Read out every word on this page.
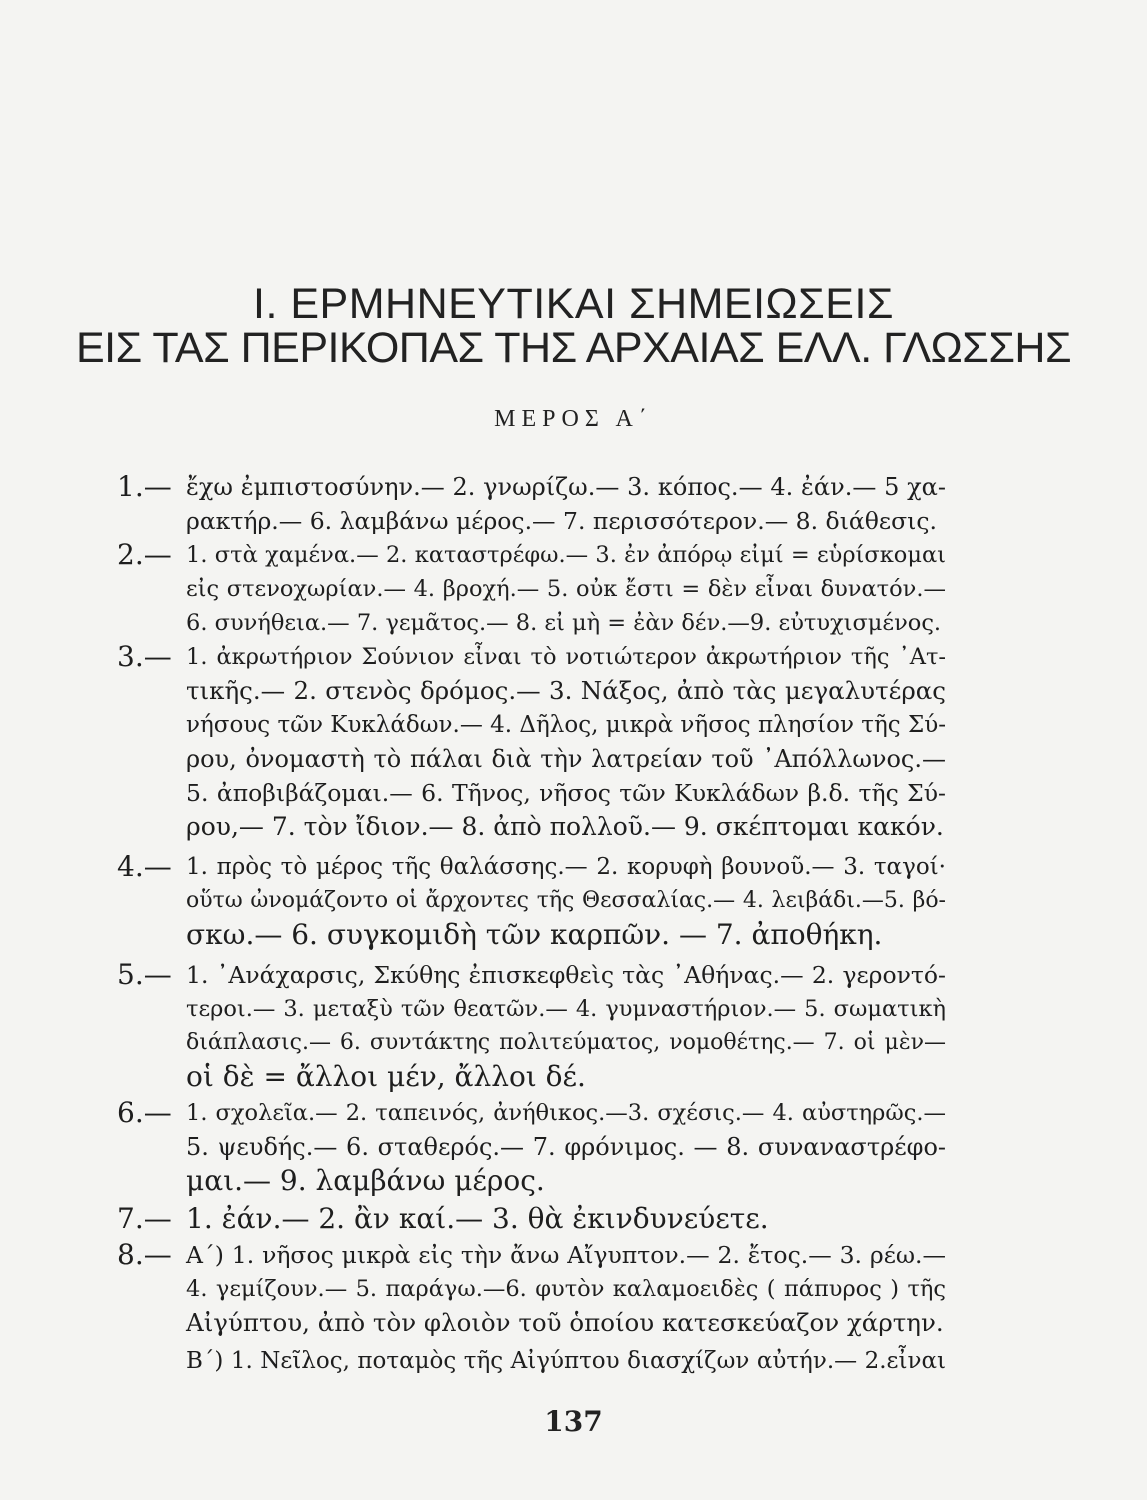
I. ΕΡΜΗΝΕΥΤΙΚΑΙ ΣΗΜΕΙΩΣΕΙΣ
ΕΙΣ ΤΑΣ ΠΕΡΙΚΟΠΑΣ ΤΗΣ ΑΡΧΑΙΑΣ ΕΛΛ. ΓΛΩΣΣΗΣ
ΜΕΡΟΣ Α΄
1.— ἔχω ἐμπιστοσύνην.— 2. γνωρίζω.— 3. κόπος.— 4. ἐάν.— 5 χα-
ρακτήρ.— 6. λαμβάνω μέρος.— 7. περισσότερον.— 8. διάθεσις.
2.— 1. στὰ χαμένα.— 2. καταστρέφω.— 3. ἐν ἀπόρῳ εἰμί = εὑρίσκομαι
εἰς στενοχωρίαν.— 4. βροχή.— 5. οὐκ ἔστι = δὲν εἶναι δυνατόν.—
6. συνήθεια.— 7. γεμᾶτος.— 8. εἰ μὴ = ἐὰν δέν.—9. εὐτυχισμένος.
3.— 1. ἀκρωτήριον Σούνιον εἶναι τὸ νοτιώτερον ἀκρωτήριον τῆς ᾿Ατ-
τικῆς.— 2. στενὸς δρόμος.— 3. Νάξος, ἀπὸ τὰς μεγαλυτέρας
νήσους τῶν Κυκλάδων.— 4. Δῆλος, μικρὰ νῆσος πλησίον τῆς Σύ-
ρου, ὀνομαστὴ τὸ πάλαι διὰ τὴν λατρείαν τοῦ ᾿Απόλλωνος.—
5. ἀποβιβάζομαι.— 6. Τῆνος, νῆσος τῶν Κυκλάδων β.δ. τῆς Σύ-
ρου,— 7. τὸν ἴδιον.— 8. ἀπὸ πολλοῦ.— 9. σκέπτομαι κακόν.
4.— 1. πρὸς τὸ μέρος τῆς θαλάσσης.— 2. κορυφὴ βουνοῦ.— 3. ταγοί·
οὕτω ὠνομάζοντο οἱ ἄρχοντες τῆς Θεσσαλίας.— 4. λειβάδι.—5. βό-
σκω.— 6. συγκομιδὴ τῶν καρπῶν. — 7. ἀποθήκη.
5.— 1. ᾿Ανάχαρσις, Σκύθης ἐπισκεφθεὶς τὰς ᾿Αθήνας.— 2. γεροντό-
τεροι.— 3. μεταξὺ τῶν θεατῶν.— 4. γυμναστήριον.— 5. σωματικὴ
διάπλασις.— 6. συντάκτης πολιτεύματος, νομοθέτης.— 7. οἱ μὲν—
οἱ δὲ = ἄλλοι μέν, ἄλλοι δέ.
6.— 1. σχολεῖα.— 2. ταπεινός, ἀνήθικος.—3. σχέσις.— 4. αὐστηρῶς.—
5. ψευδής.— 6. σταθερός.— 7. φρόνιμος. — 8. συναναστρέφο-
μαι.— 9. λαμβάνω μέρος.
7.— 1. ἐάν.— 2. ἂν καί.— 3. θὰ ἐκινδυνεύετε.
8.— Α΄) 1. νῆσος μικρὰ εἰς τὴν ἄνω Αἴγυπτον.— 2. ἔτος.— 3. ρέω.—
4. γεμίζουν.— 5. παράγω.—6. φυτὸν καλαμοειδὲς ( πάπυρος ) τῆς
Αἰγύπτου, ἀπὸ τὸν φλοιὸν τοῦ ὁποίου κατεσκεύαζον χάρτην.
Β΄) 1. Νεῖλος, ποταμὸς τῆς Αἰγύπτου διασχίζων αὐτήν.— 2.εἶναι
137
